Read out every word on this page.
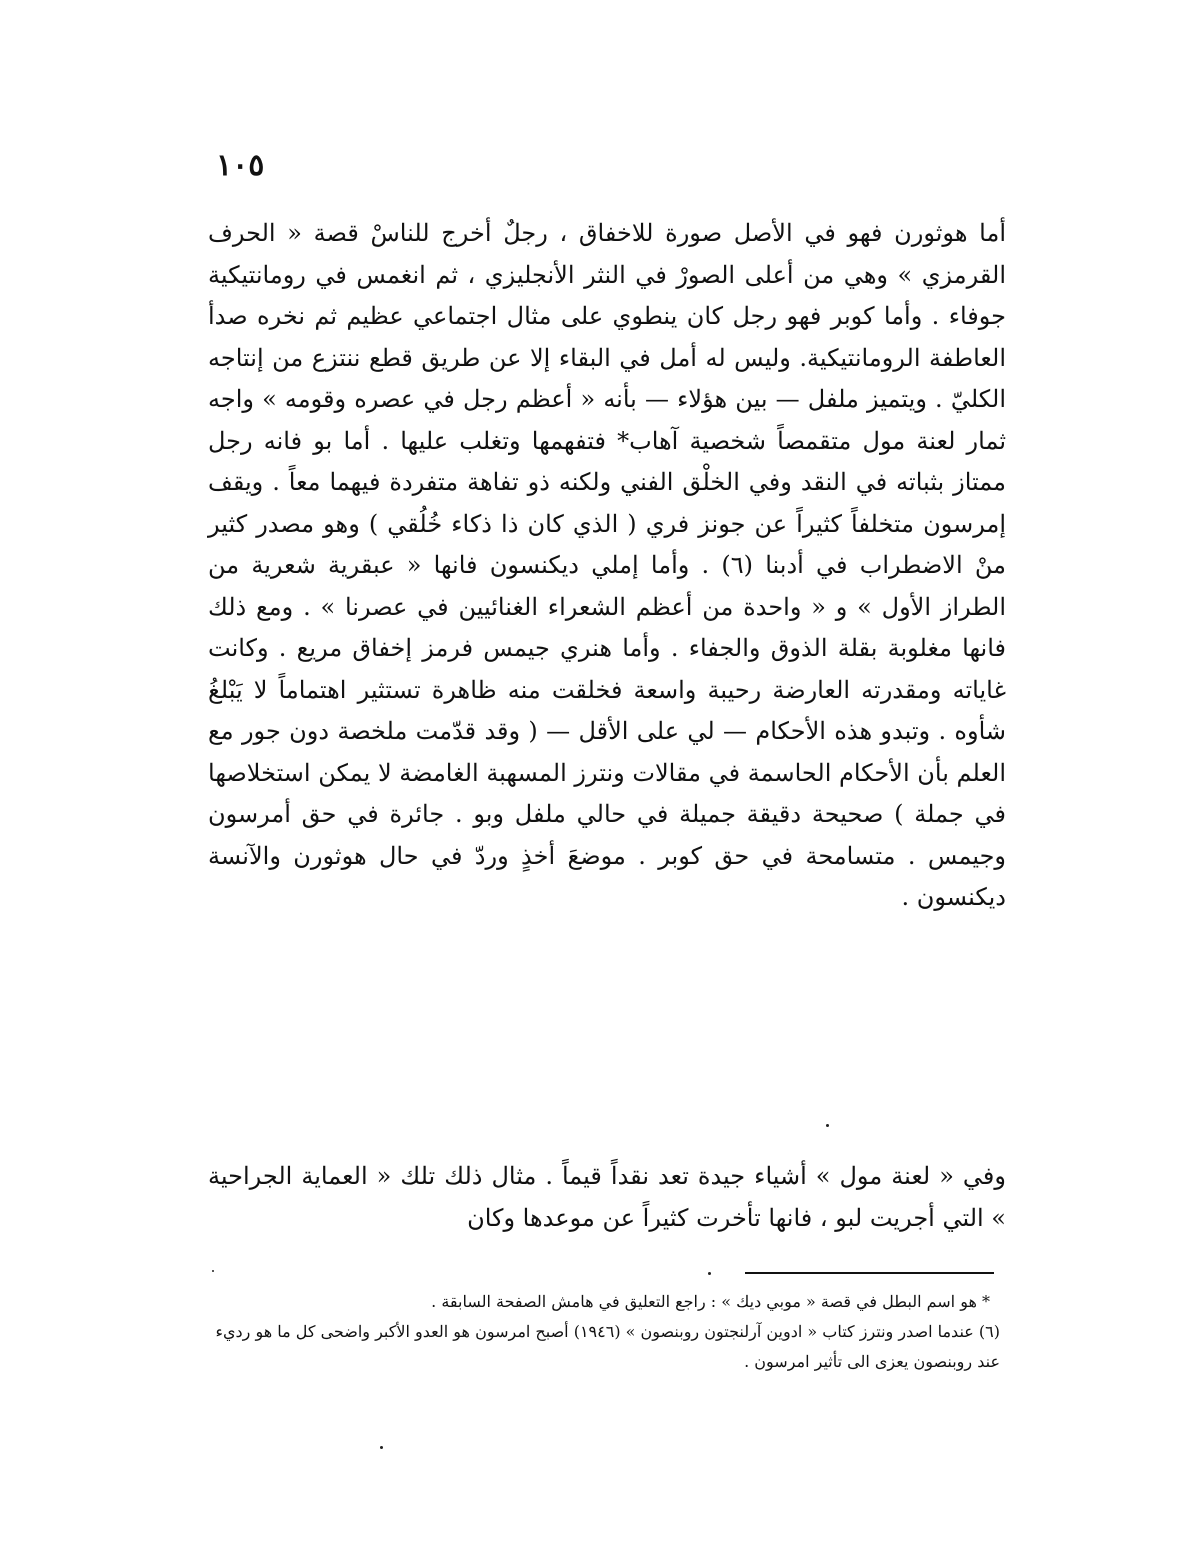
١٠٥

أما هوثورن فهو في الأصل صورة للاخفاق ، رجلٌ أخرج للناسْ قصة « الحرف القرمزي » وهي من أعلى الصورْ في النثر الأنجليزي ، ثم انغمس في رومانتيكية جوفاء . وأما كوبر فهو رجل كان ينطوي على مثال اجتماعي عظيم ثم نخره صدأ العاطفة الرومانتيكية. وليس له أمل في البقاء إلا عن طريق قطع ننتزع من إنتاجه الكليّ . ويتميز ملفل — بين هؤلاء — بأنه « أعظم رجل في عصره وقومه » واجه ثمار لعنة مول متقمصاً شخصية آهاب* فتفهمها وتغلب عليها . أما بو فانه رجل ممتاز بثباته في النقد وفي الخلْق الفني ولكنه ذو تفاهة متفردة فيهما معاً . ويقف إمرسون متخلفاً كثيراً عن جونز فري ( الذي كان ذا ذكاء خُلُقي ) وهو مصدر كثير منْ الاضطراب في أدبنا (٦) . وأما إملي ديكنسون فانها « عبقرية شعرية من الطراز الأول » و « واحدة من أعظم الشعراء الغنائيين في عصرنا » . ومع ذلك فانها مغلوبة بقلة الذوق والجفاء . وأما هنري جيمس فرمز إخفاق مريع . وكانت غاياته ومقدرته العارضة رحيبة واسعة فخلقت منه ظاهرة تستثير اهتماماً لا يَبْلغُ شأوه . وتبدو هذه الأحكام — لي على الأقل — ( وقد قدّمت ملخصة دون جور مع العلم بأن الأحكام الحاسمة في مقالات ونترز المسهبة الغامضة لا يمكن استخلاصها في جملة ) صحيحة دقيقة جميلة في حالي ملفل وبو . جائرة في حق أمرسون وجيمس . متسامحة في حق كوبر . موضعَ أخذٍ وردّ في حال هوثورن والآنسة ديكنسون .

وفي « لعنة مول » أشياء جيدة تعد نقداً قيماً . مثال ذلك تلك « العماية الجراحية » التي أجريت لبو ، فانها تأخرت كثيراً عن موعدها وكان

* هو اسم البطل في قصة « موبي ديك » : راجع التعليق في هامش الصفحة السابقة .

(٦) عندما اصدر ونترز كتاب « ادوين آرلنجتون روبنصون » (١٩٤٦) أصبح امرسون هو العدو الأكبر واضحى كل ما هو رديء عند روبنصون يعزى الى تأثير امرسون .
